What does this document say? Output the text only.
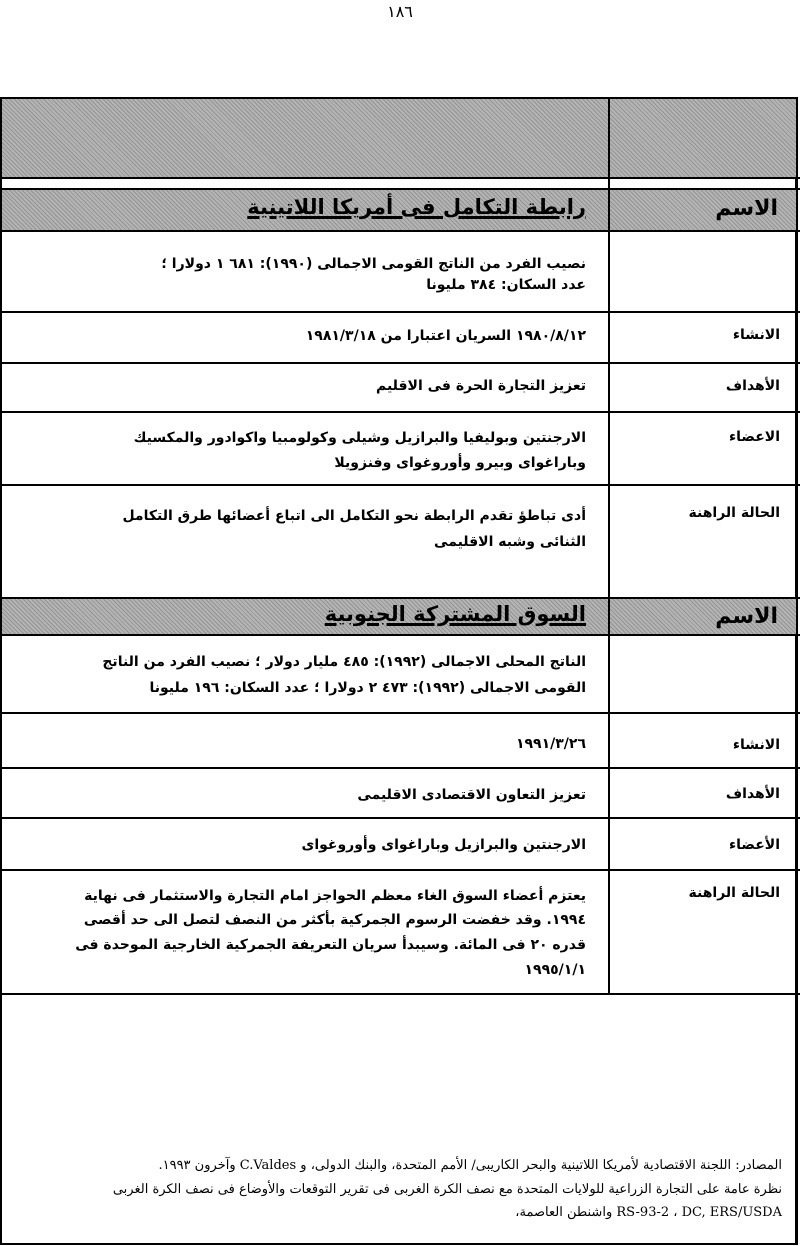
١٨٦
الاسم
رابطة التكامل فى أمريكا اللاتينية
نصيب الفرد من الناتج القومى الاجمالى (١٩٩٠): ٦٨١ ١ دولارا ؛
عدد السكان: ٣٨٤ مليونا
الانشاء
١٩٨٠/٨/١٢ السريان اعتبارا من ١٩٨١/٣/١٨
الأهداف
تعزيز التجارة الحرة فى الاقليم
الاعضاء
الارجنتين وبوليفيا والبرازيل وشيلى وكولومبيا واكوادور والمكسيك
وباراغواى وبيرو وأوروغواى وفنزويلا
الحالة الراهنة
أدى تباطؤ تقدم الرابطة نحو التكامل الى اتباع أعضائها طرق التكامل
الثنائى وشبه الاقليمى
الاسم
السوق المشتركة الجنوبية
الناتج المحلى الاجمالى (١٩٩٢): ٤٨٥ مليار دولار ؛ نصيب الفرد من الناتج
القومى الاجمالى (١٩٩٢): ٤٧٣ ٢ دولارا ؛ عدد السكان: ١٩٦ مليونا
الانشاء
١٩٩١/٣/٢٦
الأهداف
تعزيز التعاون الاقتصادى الاقليمى
الأعضاء
الارجنتين والبرازيل وباراغواى وأوروغواى
الحالة الراهنة
يعتزم أعضاء السوق الغاء معظم الحواجز امام التجارة والاستثمار فى نهاية
١٩٩٤. وقد خفضت الرسوم الجمركية بأكثر من النصف لتصل الى حد أقصى
قدره ٢٠ فى المائة. وسيبدأ سريان التعريفة الجمركية الخارجية الموحدة فى
١٩٩٥/١/١
المصادر: اللجنة الاقتصادية لأمريكا اللاتينية والبحر الكاريبى/ الأمم المتحدة، والبنك الدولى، و C.Valdes وآخرون ١٩٩٣.
نظرة عامة على التجارة الزراعية للولايات المتحدة مع نصف الكرة الغربى فى تقرير التوقعات والأوضاع فى نصف الكرة الغربى
RS-93-2 ، DC, ERS/USDA واشنطن العاصمة،
